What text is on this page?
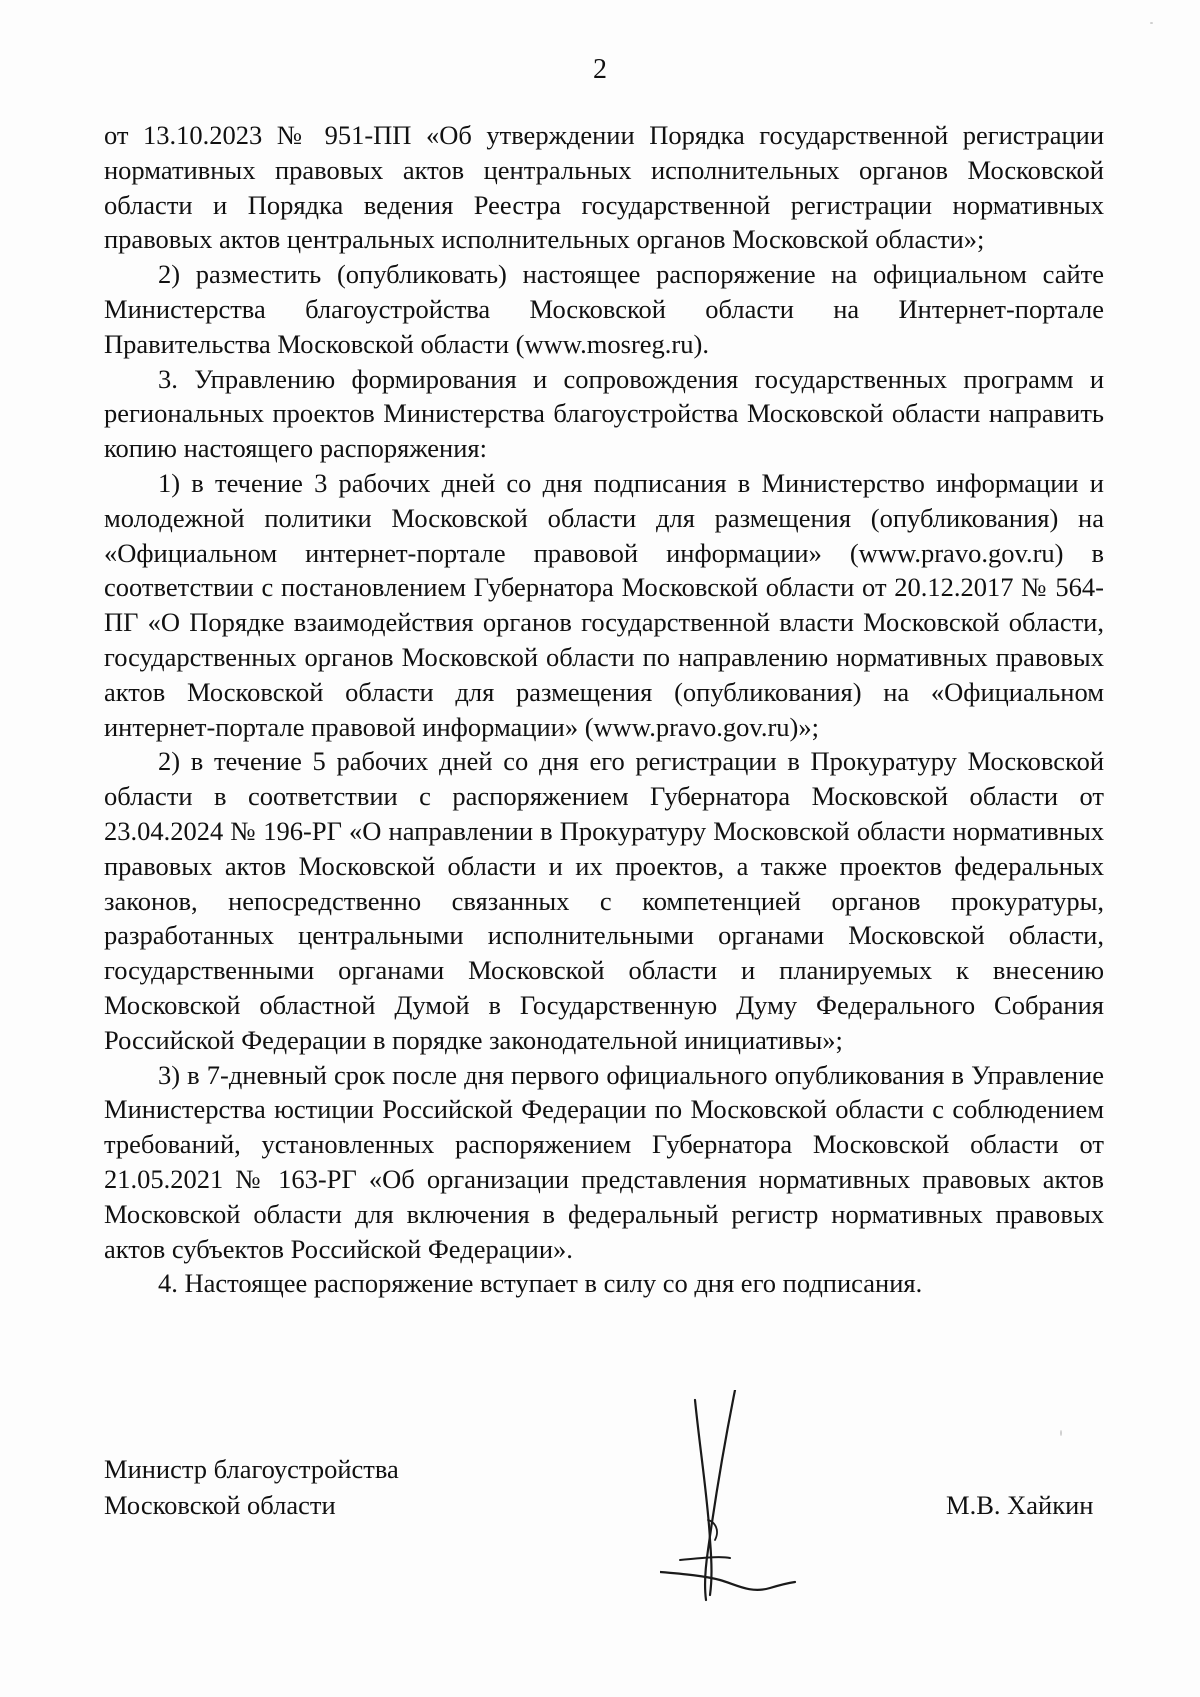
2

от 13.10.2023 № 951-ПП «Об утверждении Порядка государственной регистрации нормативных правовых актов центральных исполнительных органов Московской области и Порядка ведения Реестра государственной регистрации нормативных правовых актов центральных исполнительных органов Московской области»;

2) разместить (опубликовать) настоящее распоряжение на официальном сайте Министерства благоустройства Московской области на Интернет-портале Правительства Московской области (www.mosreg.ru).

3. Управлению формирования и сопровождения государственных программ и региональных проектов Министерства благоустройства Московской области направить копию настоящего распоряжения:

1) в течение 3 рабочих дней со дня подписания в Министерство информации и молодежной политики Московской области для размещения (опубликования) на «Официальном интернет-портале правовой информации» (www.pravo.gov.ru) в соответствии с постановлением Губернатора Московской области от 20.12.2017 № 564-ПГ «О Порядке взаимодействия органов государственной власти Московской области, государственных органов Московской области по направлению нормативных правовых актов Московской области для размещения (опубликования) на «Официальном интернет-портале правовой информации» (www.pravo.gov.ru)»;

2) в течение 5 рабочих дней со дня его регистрации в Прокуратуру Московской области в соответствии с распоряжением Губернатора Московской области от 23.04.2024 № 196-РГ «О направлении в Прокуратуру Московской области нормативных правовых актов Московской области и их проектов, а также проектов федеральных законов, непосредственно связанных с компетенцией органов прокуратуры, разработанных центральными исполнительными органами Московской области, государственными органами Московской области и планируемых к внесению Московской областной Думой в Государственную Думу Федерального Собрания Российской Федерации в порядке законодательной инициативы»;

3) в 7-дневный срок после дня первого официального опубликования в Управление Министерства юстиции Российской Федерации по Московской области с соблюдением требований, установленных распоряжением Губернатора Московской области от 21.05.2021 № 163-РГ «Об организации представления нормативных правовых актов Московской области для включения в федеральный регистр нормативных правовых актов субъектов Российской Федерации».

4. Настоящее распоряжение вступает в силу со дня его подписания.

Министр благоустройства
Московской области	М.В. Хайкин
